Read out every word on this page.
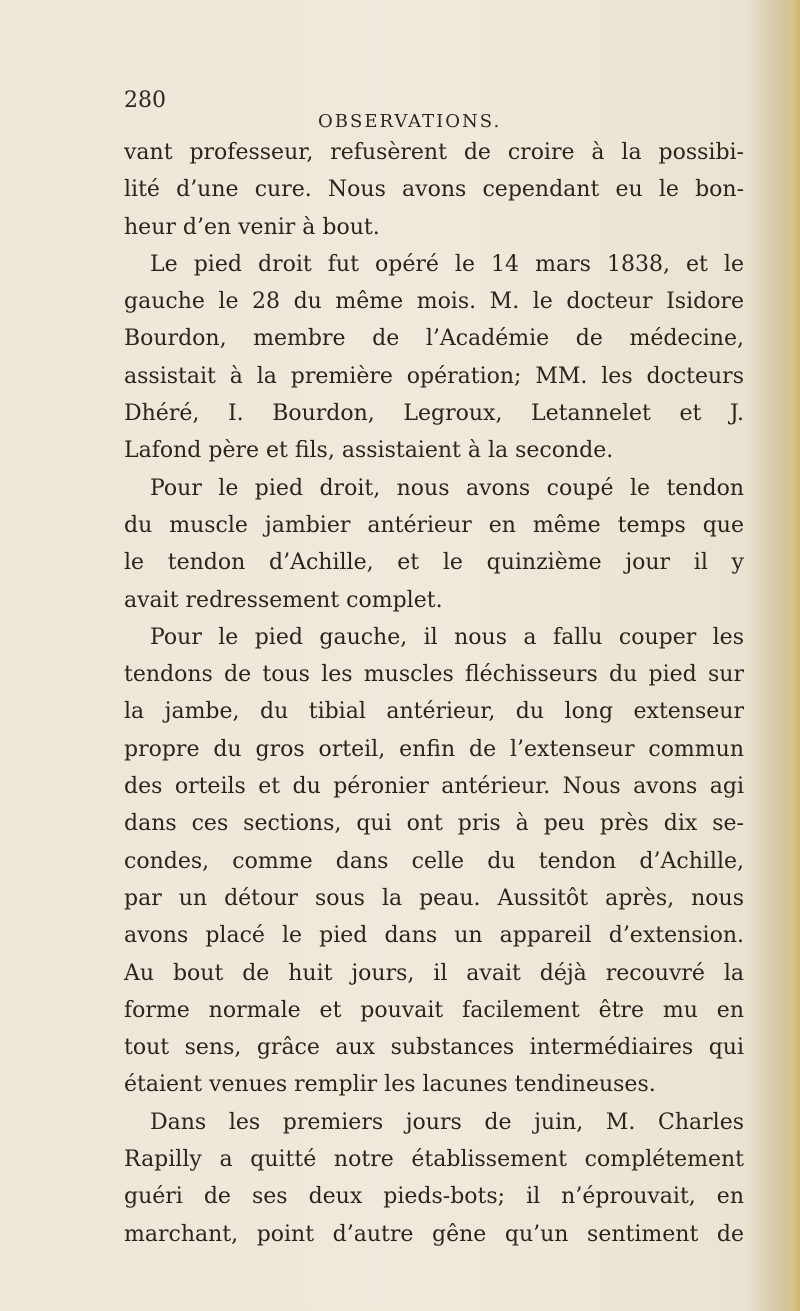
280
OBSERVATIONS.
vant professeur, refusèrent de croire à la possibi-
lité d’une cure. Nous avons cependant eu le bon-
heur d’en venir à bout.
Le pied droit fut opéré le 14 mars 1838, et le
gauche le 28 du même mois. M. le docteur Isidore
Bourdon, membre de l’Académie de médecine,
assistait à la première opération; MM. les docteurs
Dhéré, I. Bourdon, Legroux, Letannelet et J.
Lafond père et fils, assistaient à la seconde.
Pour le pied droit, nous avons coupé le tendon
du muscle jambier antérieur en même temps que
le tendon d’Achille, et le quinzième jour il y
avait redressement complet.
Pour le pied gauche, il nous a fallu couper les
tendons de tous les muscles fléchisseurs du pied sur
la jambe, du tibial antérieur, du long extenseur
propre du gros orteil, enfin de l’extenseur commun
des orteils et du péronier antérieur. Nous avons agi
dans ces sections, qui ont pris à peu près dix se-
condes, comme dans celle du tendon d’Achille,
par un détour sous la peau. Aussitôt après, nous
avons placé le pied dans un appareil d’extension.
Au bout de huit jours, il avait déjà recouvré la
forme normale et pouvait facilement être mu en
tout sens, grâce aux substances intermédiaires qui
étaient venues remplir les lacunes tendineuses.
Dans les premiers jours de juin, M. Charles
Rapilly a quitté notre établissement complétement
guéri de ses deux pieds-bots; il n’éprouvait, en
marchant, point d’autre gêne qu’un sentiment de
